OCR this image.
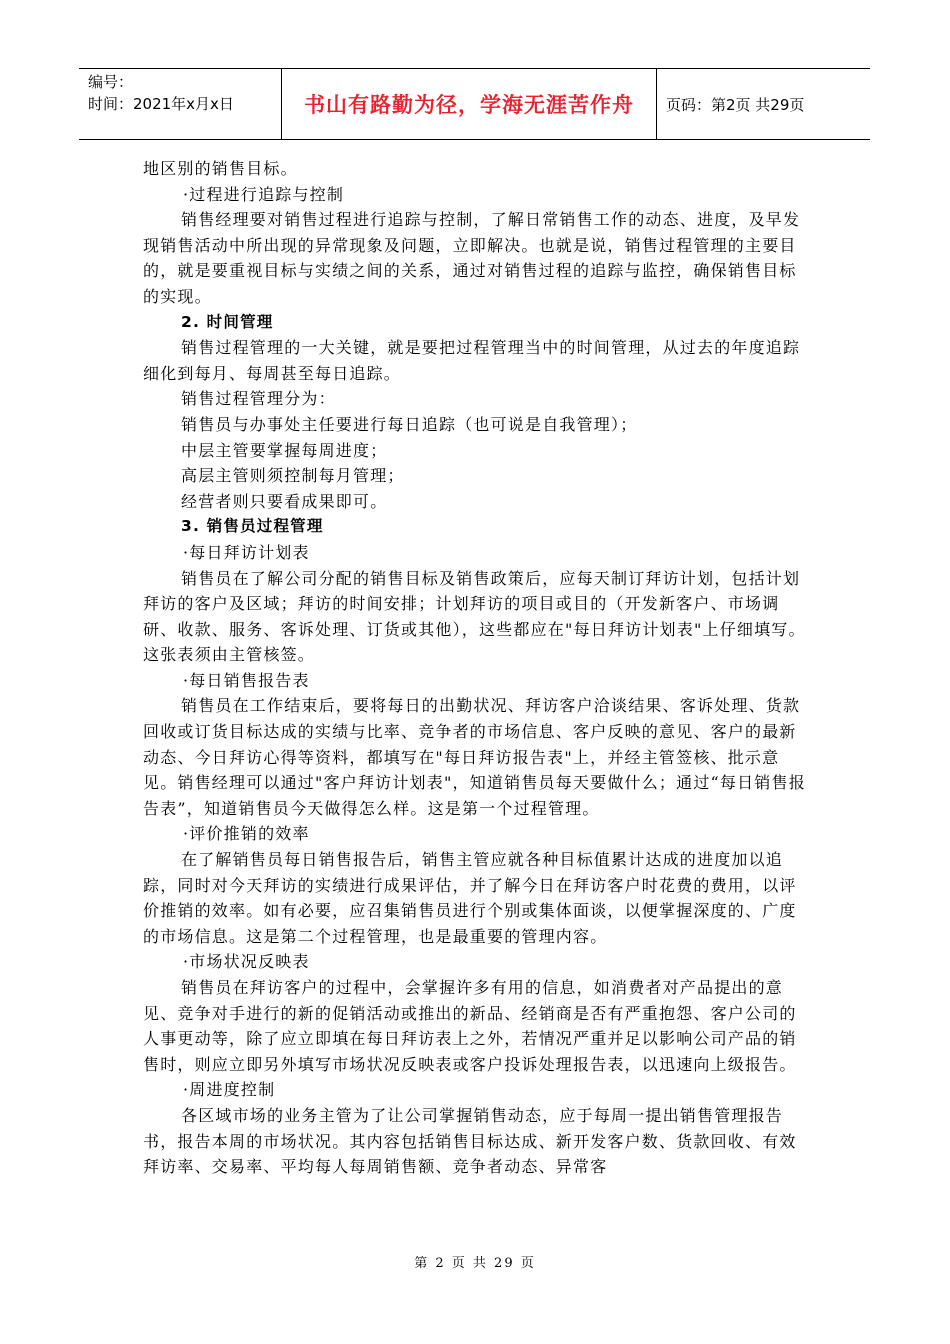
编号：
时间：2021年x月x日	书山有路勤为径，学海无涯苦作舟	页码：第2页 共29页

地区别的销售目标。

·过程进行追踪与控制

销售经理要对销售过程进行追踪与控制，了解日常销售工作的动态、进度，及早发现销售活动中所出现的异常现象及问题，立即解决。也就是说，销售过程管理的主要目的，就是要重视目标与实绩之间的关系，通过对销售过程的追踪与监控，确保销售目标的实现。

2. 时间管理

销售过程管理的一大关键，就是要把过程管理当中的时间管理，从过去的年度追踪细化到每月、每周甚至每日追踪。

销售过程管理分为：

销售员与办事处主任要进行每日追踪（也可说是自我管理）；

中层主管要掌握每周进度；

高层主管则须控制每月管理；

经营者则只要看成果即可。

3. 销售员过程管理

·每日拜访计划表

销售员在了解公司分配的销售目标及销售政策后，应每天制订拜访计划，包括计划拜访的客户及区域；拜访的时间安排；计划拜访的项目或目的（开发新客户、市场调研、收款、服务、客诉处理、订货或其他），这些都应在"每日拜访计划表"上仔细填写。这张表须由主管核签。

·每日销售报告表

销售员在工作结束后，要将每日的出勤状况、拜访客户洽谈结果、客诉处理、货款回收或订货目标达成的实绩与比率、竞争者的市场信息、客户反映的意见、客户的最新动态、今日拜访心得等资料，都填写在"每日拜访报告表"上，并经主管签核、批示意见。销售经理可以通过"客户拜访计划表"，知道销售员每天要做什么；通过“每日销售报告表”，知道销售员今天做得怎么样。这是第一个过程管理。

·评价推销的效率

在了解销售员每日销售报告后，销售主管应就各种目标值累计达成的进度加以追踪，同时对今天拜访的实绩进行成果评估，并了解今日在拜访客户时花费的费用，以评价推销的效率。如有必要，应召集销售员进行个别或集体面谈，以便掌握深度的、广度的市场信息。这是第二个过程管理，也是最重要的管理内容。

·市场状况反映表

销售员在拜访客户的过程中，会掌握许多有用的信息，如消费者对产品提出的意见、竞争对手进行的新的促销活动或推出的新品、经销商是否有严重抱怨、客户公司的人事更动等，除了应立即填在每日拜访表上之外，若情况严重并足以影响公司产品的销售时，则应立即另外填写市场状况反映表或客户投诉处理报告表，以迅速向上级报告。

·周进度控制

各区域市场的业务主管为了让公司掌握销售动态，应于每周一提出销售管理报告书，报告本周的市场状况。其内容包括销售目标达成、新开发客户数、货款回收、有效拜访率、交易率、平均每人每周销售额、竞争者动态、异常客

第 2 页 共 29 页
